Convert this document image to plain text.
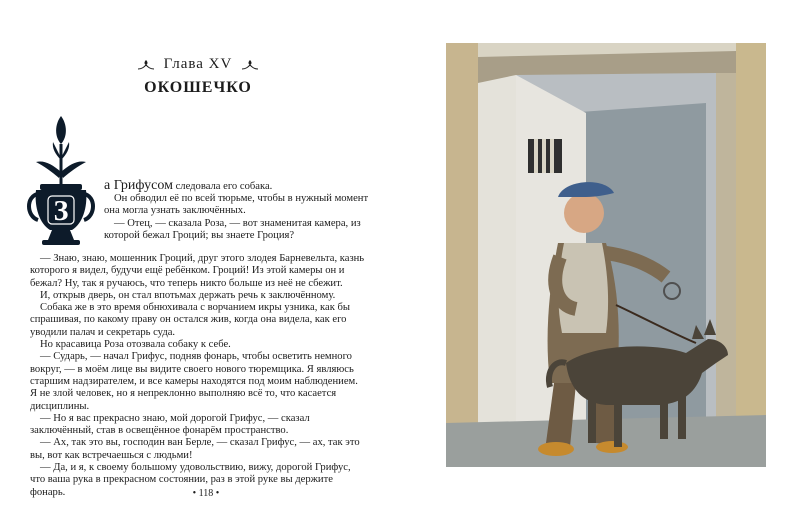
Глава XV
ОКОШЕЧКО
З

а Грифусом следовала его собака.

Он обводил её по всей тюрьме, чтобы в нужный момент она могла узнать заключённых.

— Отец, — сказала Роза, — вот знаменитая камера, из которой бежал Гроций; вы знаете Гроция?

— Знаю, знаю, мошенник Гроций, друг этого злодея Барневельта, казнь которого я видел, будучи ещё ребёнком. Гроций! Из этой камеры он и бежал? Ну, так я ручаюсь, что теперь никто больше из неё не сбежит.

И, открыв дверь, он стал впотьмах держать речь к заключённому.

Собака же в это время обнюхивала с ворчанием икры узника, как бы спрашивая, по какому праву он остался жив, когда она видела, как его уводили палач и секретарь суда.

Но красавица Роза отозвала собаку к себе.

— Сударь, — начал Грифус, подняв фонарь, чтобы осветить немного вокруг, — в моём лице вы видите своего нового тюремщика. Я являюсь старшим надзирателем, и все камеры находятся под моим наблюдением. Я не злой человек, но я непреклонно выполняю всё то, что касается дисциплины.

— Но я вас прекрасно знаю, мой дорогой Грифус, — сказал заключённый, став в освещённое фонарём пространство.

— Ах, так это вы, господин ван Берле, — сказал Грифус, — ах, так это вы, вот как встречаешься с людьми!

— Да, и я, к своему большому удовольствию, вижу, дорогой Грифус, что ваша рука в прекрасном состоянии, раз в этой руке вы держите фонарь.	• 118 •
